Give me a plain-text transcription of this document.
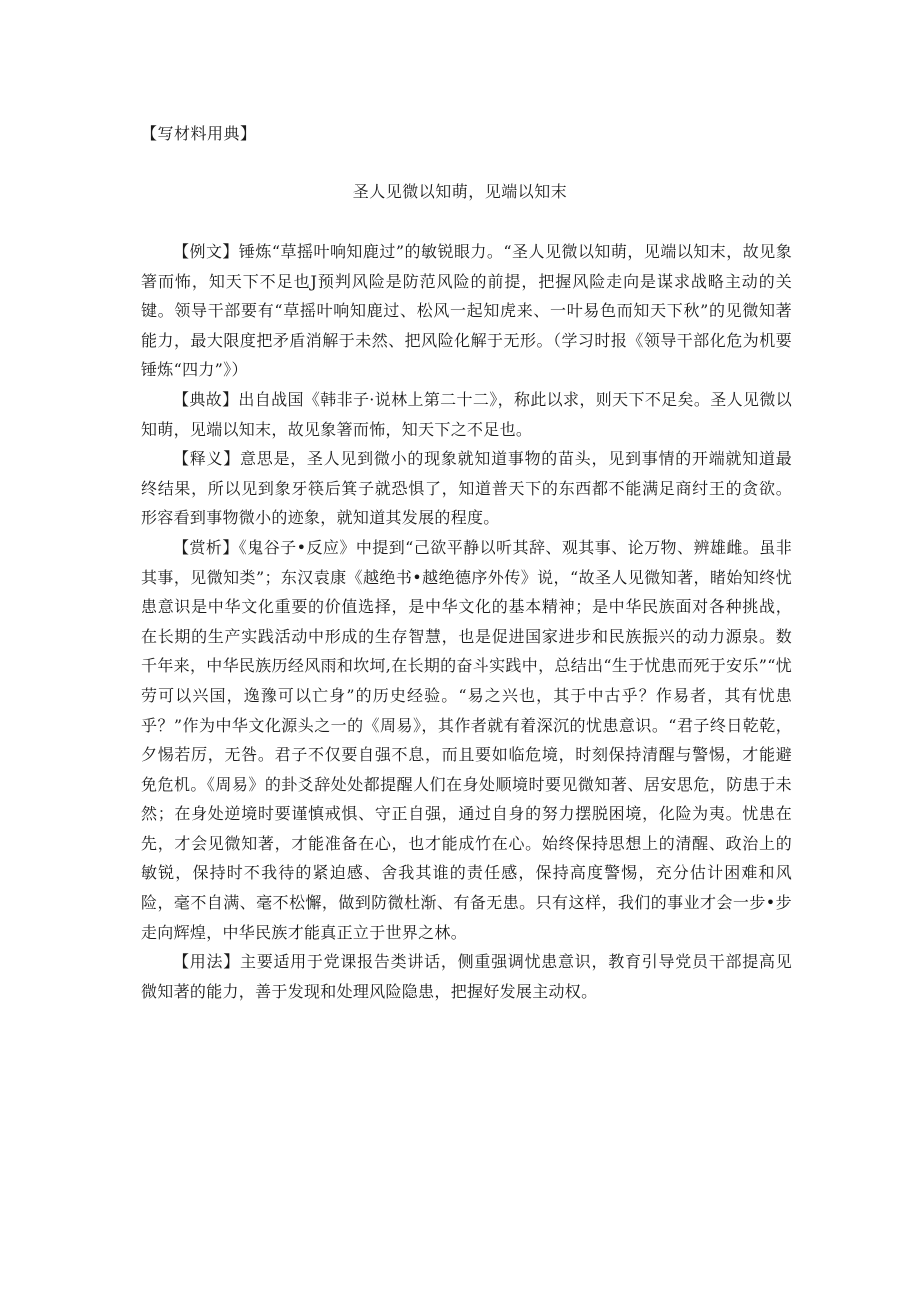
【写材料用典】
圣人见微以知萌，见端以知末

【例文】锤炼“草摇叶响知鹿过”的敏锐眼力。“圣人见微以知萌，见端以知末，故见象箸而怖，知天下不足也J预判风险是防范风险的前提，把握风险走向是谋求战略主动的关键。领导干部要有“草摇叶响知鹿过、松风一起知虎来、一叶易色而知天下秋”的见微知著能力，最大限度把矛盾消解于未然、把风险化解于无形。（学习时报《领导干部化危为机要锤炼“四力”》）

【典故】出自战国《韩非子·说林上第二十二》，称此以求，则天下不足矣。圣人见微以知萌，见端以知末，故见象箸而怖，知天下之不足也。

【释义】意思是，圣人见到微小的现象就知道事物的苗头，见到事情的开端就知道最终结果，所以见到象牙筷后箕子就恐惧了，知道普天下的东西都不能满足商纣王的贪欲。形容看到事物微小的迹象，就知道其发展的程度。

【赏析】《鬼谷子•反应》中提到“己欲平静以听其辞、观其事、论万物、辨雄雌。虽非其事，见微知类”；东汉袁康《越绝书•越绝德序外传》说，“故圣人见微知著，睹始知终忧患意识是中华文化重要的价值选择，是中华文化的基本精神；是中华民族面对各种挑战，在长期的生产实践活动中形成的生存智慧，也是促进国家进步和民族振兴的动力源泉。数千年来，中华民族历经风雨和坎坷,在长期的奋斗实践中，总结出“生于忧患而死于安乐”“忧劳可以兴国，逸豫可以亡身”的历史经验。“易之兴也，其于中古乎？作易者，其有忧患乎？”作为中华文化源头之一的《周易》，其作者就有着深沉的忧患意识。“君子终日乾乾，夕惕若厉，无咎。君子不仅要自强不息，而且要如临危境，时刻保持清醒与警惕，才能避免危机。《周易》的卦爻辞处处都提醒人们在身处顺境时要见微知著、居安思危，防患于未然；在身处逆境时要谨慎戒惧、守正自强，通过自身的努力摆脱困境，化险为夷。忧患在先，才会见微知著，才能准备在心，也才能成竹在心。始终保持思想上的清醒、政治上的敏锐，保持时不我待的紧迫感、舍我其谁的责任感，保持高度警惕，充分估计困难和风险，毫不自满、毫不松懈，做到防微杜渐、有备无患。只有这样，我们的事业才会一步•步走向辉煌，中华民族才能真正立于世界之林。

【用法】主要适用于党课报告类讲话，侧重强调忧患意识，教育引导党员干部提高见微知著的能力，善于发现和处理风险隐患，把握好发展主动权。
